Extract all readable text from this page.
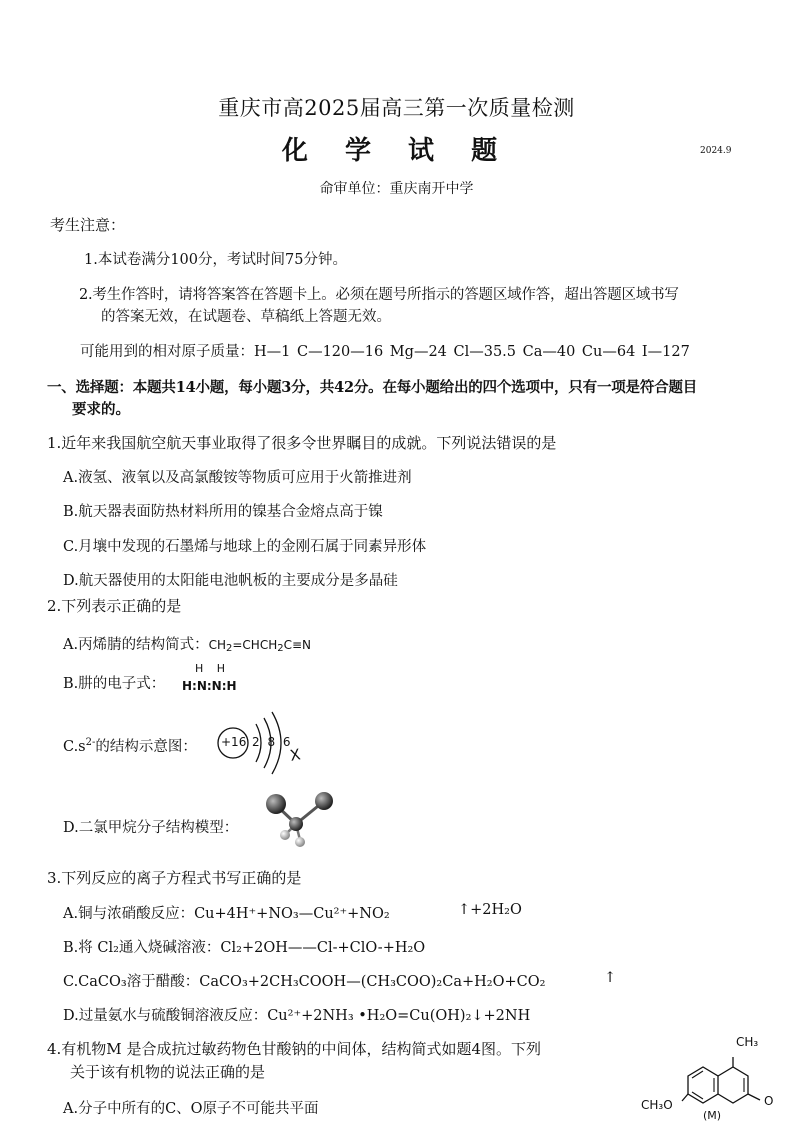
重庆市高2025届高三第一次质量检测
化 学 试 题	2024.9
命审单位：重庆南开中学
考生注意：
1.本试卷满分100分，考试时间75分钟。
2.考生作答时，请将答案答在答题卡上。必须在题号所指示的答题区域作答，超出答题区域书写
的答案无效，在试题卷、草稿纸上答题无效。
可能用到的相对原子质量：H—1 C—120—16 Mg—24 Cl—35.5 Ca—40 Cu—64 I—127
一、选择题：本题共14小题，每小题3分，共42分。在每小题给出的四个选项中，只有一项是符合题目
要求的。
1.近年来我国航空航天事业取得了很多令世界瞩目的成就。下列说法错误的是
A.液氢、液氧以及高氯酸铵等物质可应用于火箭推进剂
B.航天器表面防热材料所用的镍基合金熔点高于镍
C.月壤中发现的石墨烯与地球上的金刚石属于同素异形体
D.航天器使用的太阳能电池帆板的主要成分是多晶硅
2.下列表示正确的是
A.丙烯腈的结构简式：$CH_2=CHCH_2C\equiv N$
B.肼的电子式：
H H
H:N:N:H
$C.s^{2-}$的结构示意图： +16 2 8 6
X
D.二氯甲烷分子结构模型：
3.下列反应的离子方程式书写正确的是
A.铜与浓硝酸反应：Cu+4H⁺+NO₃—Cu²⁺+NO₂	↑+2H₂O
B.将 Cl₂通入烧碱溶液：Cl₂+2OH——Cl-+ClO-+H₂O
C.CaCO₃溶于醋酸：CaCO₃+2CH₃COOH—(CH₃COO)₂Ca+H₂O+CO₂	↑
D.过量氨水与硫酸铜溶液反应：Cu²⁺+2NH₃ •H₂O=Cu(OH)₂↓+2NH
4.有机物M 是合成抗过敏药物色甘酸钠的中间体，结构简式如题4图。下列
关于该有机物的说法正确的是
A.分子中所有的C、O原子不可能共平面
CH₃
CH₃O	O
(M)
